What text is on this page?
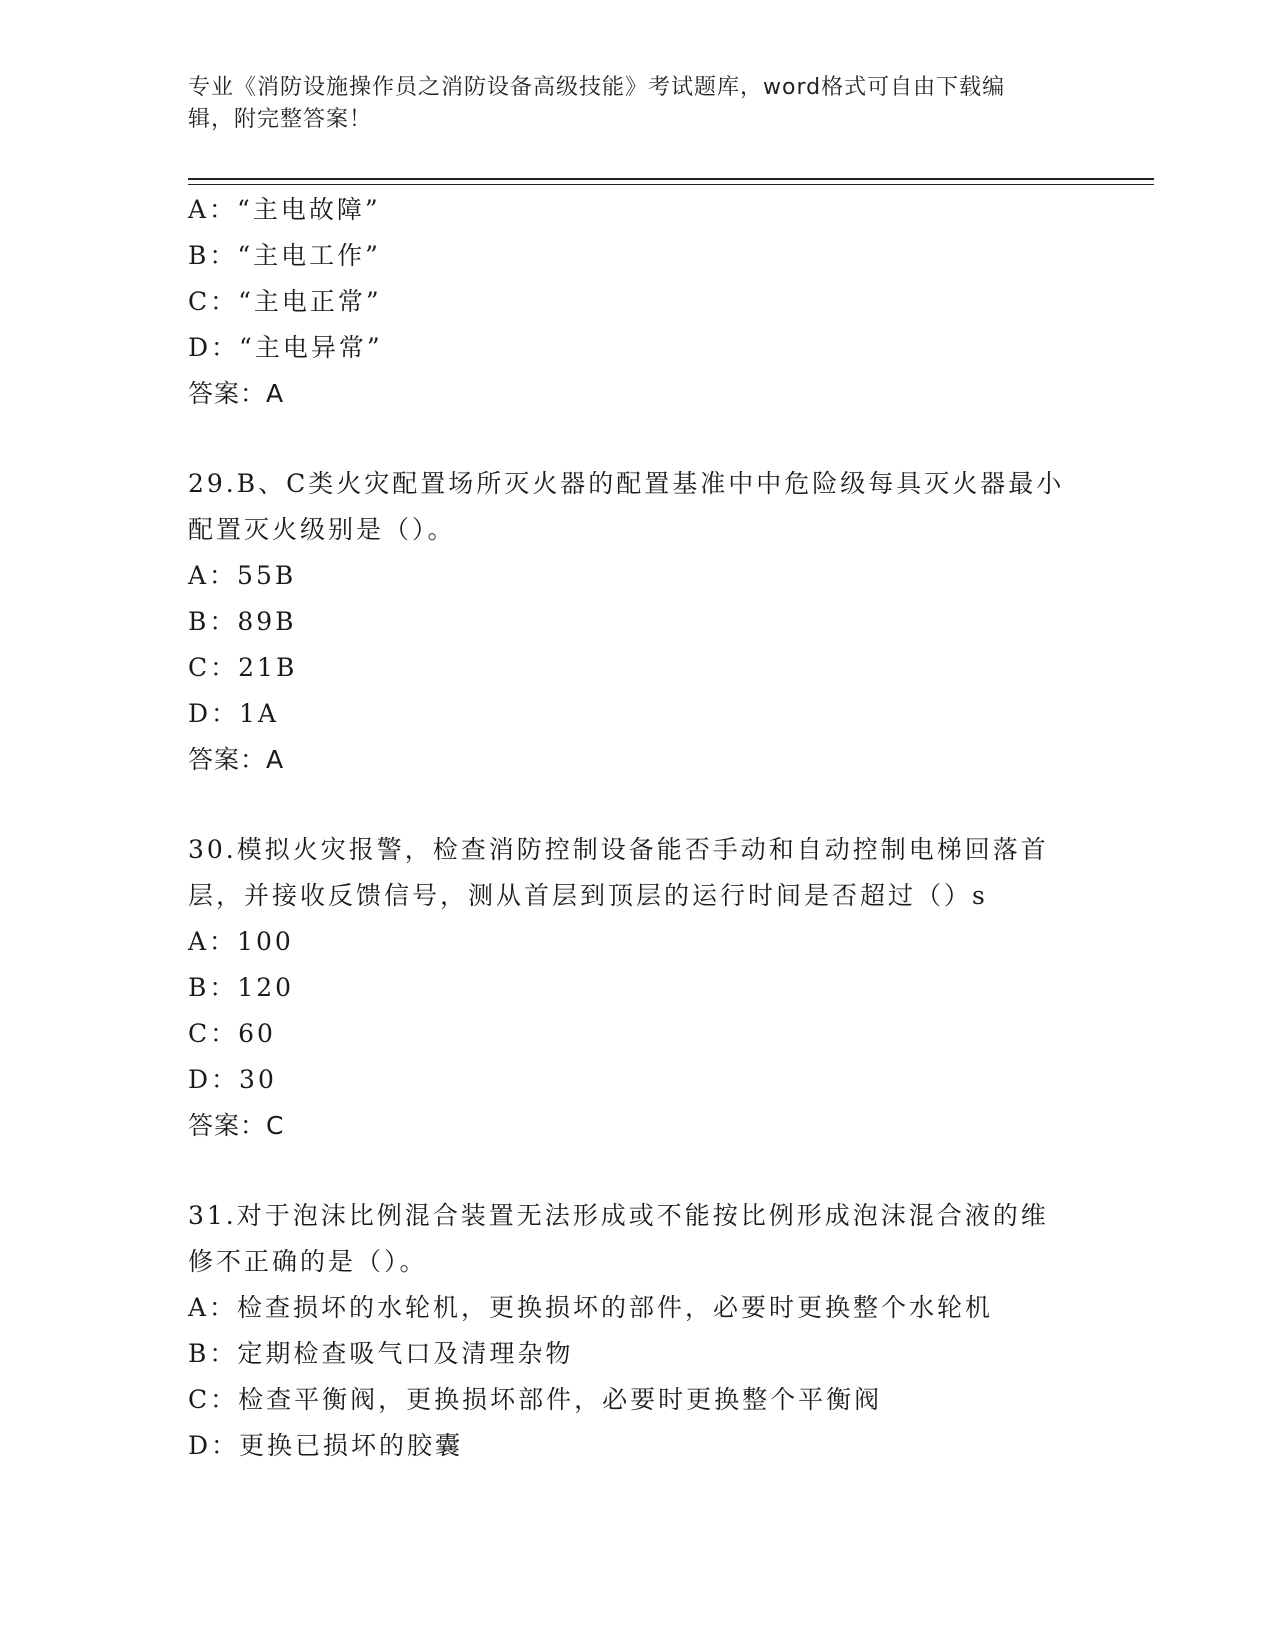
专业《消防设施操作员之消防设备高级技能》考试题库，word格式可自由下载编
辑，附完整答案！
A：“主电故障”
B：“主电工作”
C：“主电正常”
D：“主电异常”
答案：A
29.B、C类火灾配置场所灭火器的配置基准中中危险级每具灭火器最小
配置灭火级别是（）。
A：55B
B：89B
C：21B
D：1A
答案：A
30.模拟火灾报警，检查消防控制设备能否手动和自动控制电梯回落首
层，并接收反馈信号，测从首层到顶层的运行时间是否超过（）s
A：100
B：120
C：60
D：30
答案：C
31.对于泡沫比例混合装置无法形成或不能按比例形成泡沫混合液的维
修不正确的是（）。
A：检查损坏的水轮机，更换损坏的部件，必要时更换整个水轮机
B：定期检查吸气口及清理杂物
C：检查平衡阀，更换损坏部件，必要时更换整个平衡阀
D：更换已损坏的胶囊
